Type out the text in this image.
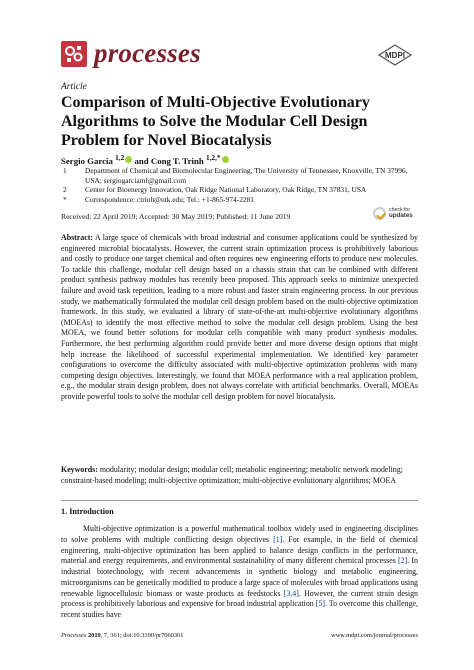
processes	MDPI
Article
Comparison of Multi-Objective Evolutionary Algorithms to Solve the Modular Cell Design Problem for Novel Biocatalysis
Sergio Garcia $^{1,2}$ and Cong T. Trinh $^{1,2,*}$
1	Department of Chemical and Biomolecular Engineering, The University of Tennessee, Knoxville, TN 37996, USA; sergiogarciamf@gmail.com
2	Center for Bioenergy Innovation, Oak Ridge National Laboratory, Oak Ridge, TN 37831, USA
*	Correspondence: ctrinh@utk.edu; Tel.: +1-865-974-2281
Received: 22 April 2019; Accepted: 30 May 2019; Published: 11 June 2019
check for
updates
Abstract: A large space of chemicals with broad industrial and consumer applications could be synthesized by engineered microbial biocatalysts. However, the current strain optimization process is prohibitively laborious and costly to produce one target chemical and often requires new engineering efforts to produce new molecules. To tackle this challenge, modular cell design based on a chassis strain that can be combined with different product synthesis pathway modules has recently been proposed. This approach seeks to minimize unexpected failure and avoid task repetition, leading to a more robust and faster strain engineering process. In our previous study, we mathematically formulated the modular cell design problem based on the multi-objective optimization framework. In this study, we evaluated a library of state-of-the-art multi-objective evolutionary algorithms (MOEAs) to identify the most effective method to solve the modular cell design problem. Using the best MOEA, we found better solutions for modular cells compatible with many product synthesis modules. Furthermore, the best performing algorithm could provide better and more diverse design options that might help increase the likelihood of successful experimental implementation. We identified key parameter configurations to overcome the difficulty associated with multi-objective optimization problems with many competing design objectives. Interestingly, we found that MOEA performance with a real application problem, e.g., the modular strain design problem, does not always correlate with artificial benchmarks. Overall, MOEAs provide powerful tools to solve the modular cell design problem for novel biocatalysis.
Keywords: modularity; modular design; modular cell; metabolic engineering; metabolic network modeling; constraint-based modeling; multi-objective optimization; multi-objective evolutionary algorithms; MOEA
1. Introduction
Multi-objective optimization is a powerful mathematical toolbox widely used in engineering disciplines to solve problems with multiple conflicting design objectives [1]. For example, in the field of chemical engineering, multi-objective optimization has been applied to balance design conflicts in the performance, material and energy requirements, and environmental sustainability of many different chemical processes [2]. In industrial biotechnology, with recent advancements in synthetic biology and metabolic engineering, microorganisms can be genetically modified to produce a large space of molecules with broad applications using renewable lignocellulosic biomass or waste products as feedstocks [3,4]. However, the current strain design process is prohibitively laborious and expensive for broad industrial application [5]. To overcome this challenge, recent studies have
Processes 2019, 7, 361; doi:10.3390/pr7060361	www.mdpi.com/journal/processes
